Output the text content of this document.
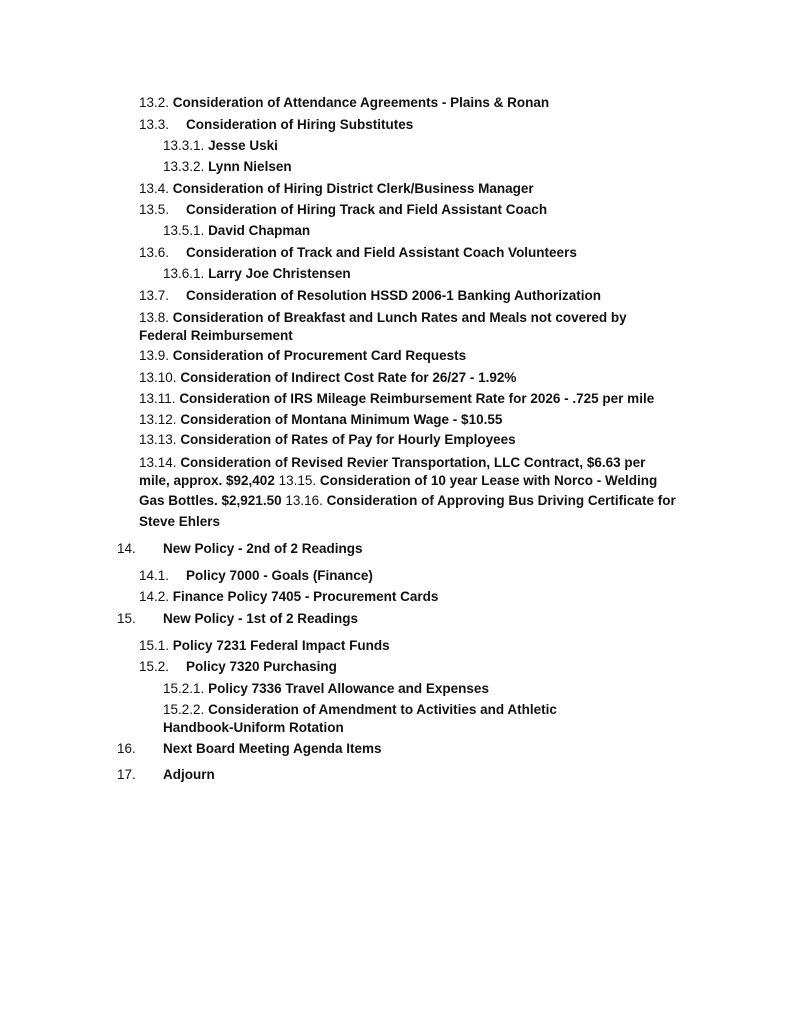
13.2. Consideration of Attendance Agreements - Plains & Ronan
13.3. Consideration of Hiring Substitutes
13.3.1. Jesse Uski
13.3.2. Lynn Nielsen
13.4. Consideration of Hiring District Clerk/Business Manager
13.5. Consideration of Hiring Track and Field Assistant Coach
13.5.1. David Chapman
13.6. Consideration of Track and Field Assistant Coach Volunteers
13.6.1. Larry Joe Christensen
13.7. Consideration of Resolution HSSD 2006-1 Banking Authorization
13.8. Consideration of Breakfast and Lunch Rates and Meals not covered by
Federal Reimbursement
13.9. Consideration of Procurement Card Requests
13.10. Consideration of Indirect Cost Rate for 26/27 - 1.92%
13.11. Consideration of IRS Mileage Reimbursement Rate for 2026 - .725 per mile
13.12. Consideration of Montana Minimum Wage - $10.55
13.13. Consideration of Rates of Pay for Hourly Employees
13.14. Consideration of Revised Revier Transportation, LLC Contract, $6.63 per
mile, approx. $92,402 13.15. Consideration of 10 year Lease with Norco - Welding
Gas Bottles. $2,921.50 13.16. Consideration of Approving Bus Driving Certificate for
Steve Ehlers
14. New Policy - 2nd of 2 Readings
14.1. Policy 7000 - Goals (Finance)
14.2. Finance Policy 7405 - Procurement Cards
15. New Policy - 1st of 2 Readings
15.1. Policy 7231 Federal Impact Funds
15.2. Policy 7320 Purchasing
15.2.1. Policy 7336 Travel Allowance and Expenses
15.2.2. Consideration of Amendment to Activities and Athletic
Handbook-Uniform Rotation
16. Next Board Meeting Agenda Items
17. Adjourn
